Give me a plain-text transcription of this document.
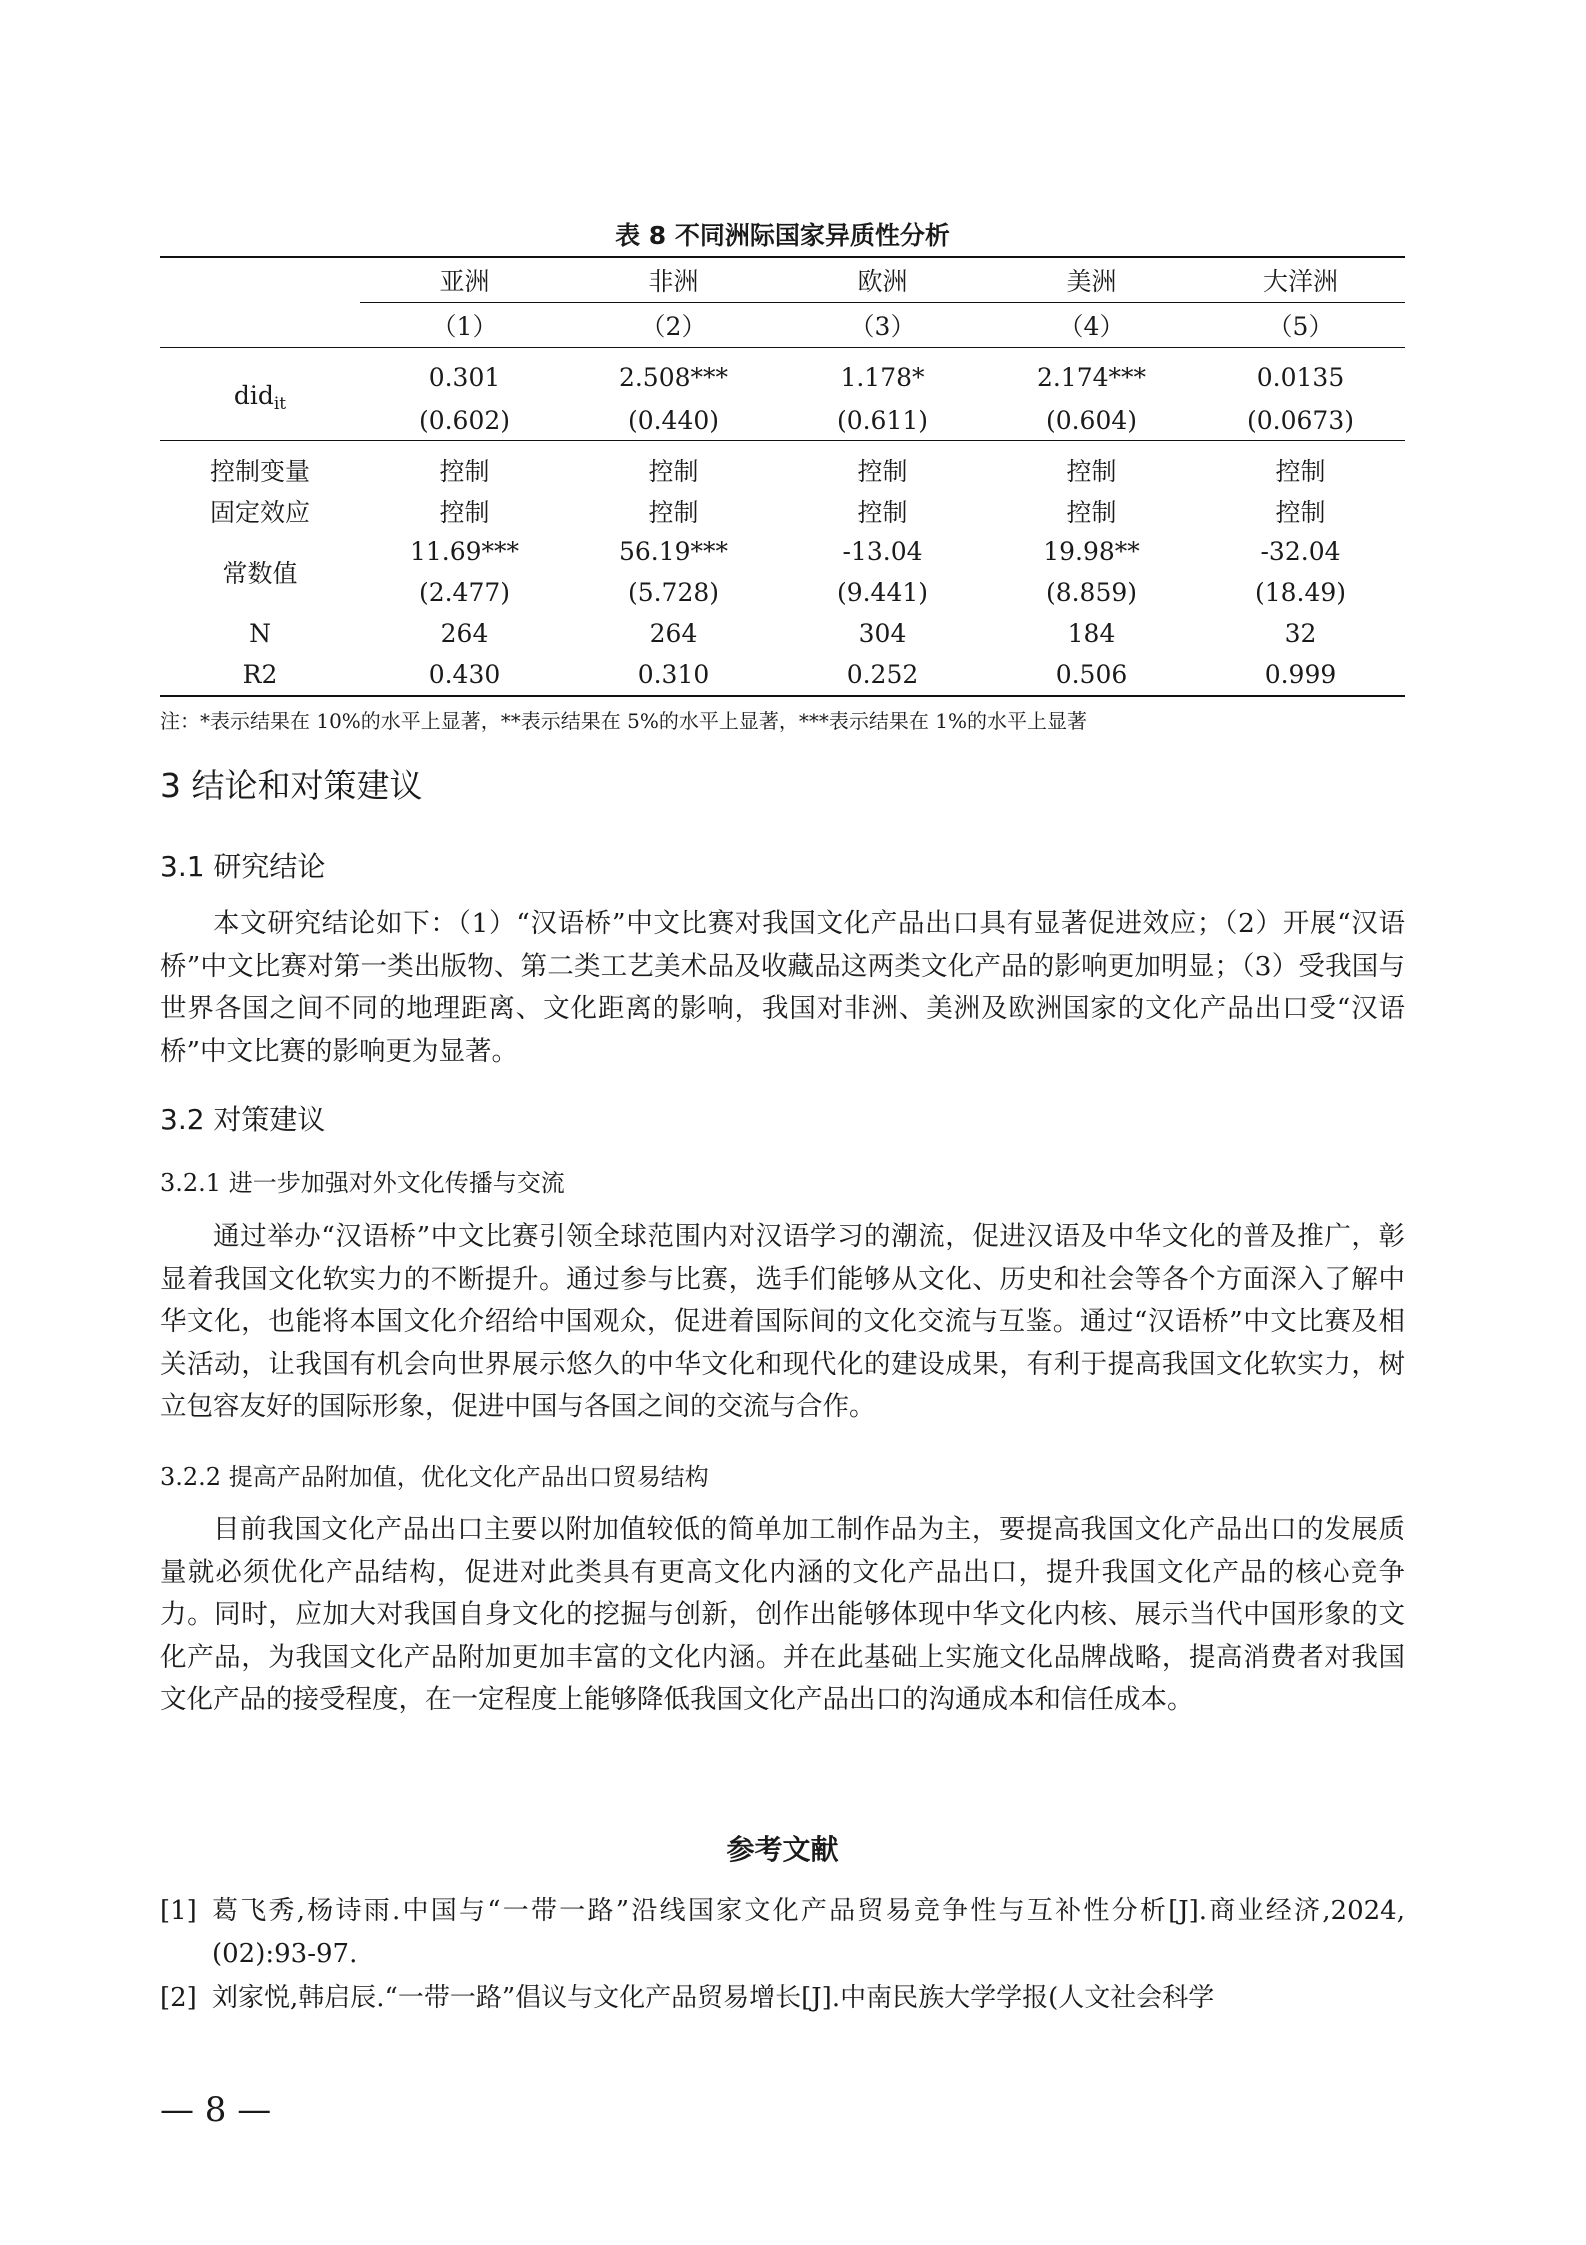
表 8 不同洲际国家异质性分析
	亚洲	非洲	欧洲	美洲	大洋洲
	（1）	（2）	（3）	（4）	（5）
did$_{it}$	0.301	2.508***	1.178*	2.174***	0.0135
	(0.602)	(0.440)	(0.611)	(0.604)	(0.0673)
控制变量	控制	控制	控制	控制	控制
固定效应	控制	控制	控制	控制	控制
常数值	11.69***	56.19***	-13.04	19.98**	-32.04
	(2.477)	(5.728)	(9.441)	(8.859)	(18.49)
N	264	264	304	184	32
R2	0.430	0.310	0.252	0.506	0.999
注：*表示结果在 10%的水平上显著，**表示结果在 5%的水平上显著，***表示结果在 1%的水平上显著
3 结论和对策建议
3.1 研究结论

本文研究结论如下：（1）“汉语桥”中文比赛对我国文化产品出口具有显著促进效应；（2）开展“汉语桥”中文比赛对第一类出版物、第二类工艺美术品及收藏品这两类文化产品的影响更加明显；（3）受我国与世界各国之间不同的地理距离、文化距离的影响，我国对非洲、美洲及欧洲国家的文化产品出口受“汉语桥”中文比赛的影响更为显著。

3.2 对策建议
3.2.1 进一步加强对外文化传播与交流

通过举办“汉语桥”中文比赛引领全球范围内对汉语学习的潮流，促进汉语及中华文化的普及推广，彰显着我国文化软实力的不断提升。通过参与比赛，选手们能够从文化、历史和社会等各个方面深入了解中华文化，也能将本国文化介绍给中国观众，促进着国际间的文化交流与互鉴。通过“汉语桥”中文比赛及相关活动，让我国有机会向世界展示悠久的中华文化和现代化的建设成果，有利于提高我国文化软实力，树立包容友好的国际形象，促进中国与各国之间的交流与合作。

3.2.2 提高产品附加值，优化文化产品出口贸易结构

目前我国文化产品出口主要以附加值较低的简单加工制作品为主，要提高我国文化产品出口的发展质量就必须优化产品结构，促进对此类具有更高文化内涵的文化产品出口，提升我国文化产品的核心竞争力。同时，应加大对我国自身文化的挖掘与创新，创作出能够体现中华文化内核、展示当代中国形象的文化产品，为我国文化产品附加更加丰富的文化内涵。并在此基础上实施文化品牌战略，提高消费者对我国文化产品的接受程度，在一定程度上能够降低我国文化产品出口的沟通成本和信任成本。

参考文献
[1] 葛飞秀,杨诗雨.中国与“一带一路”沿线国家文化产品贸易竞争性与互补性分析[J].商业经济,2024,(02):93-97.
[2] 刘家悦,韩启辰.“一带一路”倡议与文化产品贸易增长[J].中南民族大学学报(人文社会科学
— 8 —
